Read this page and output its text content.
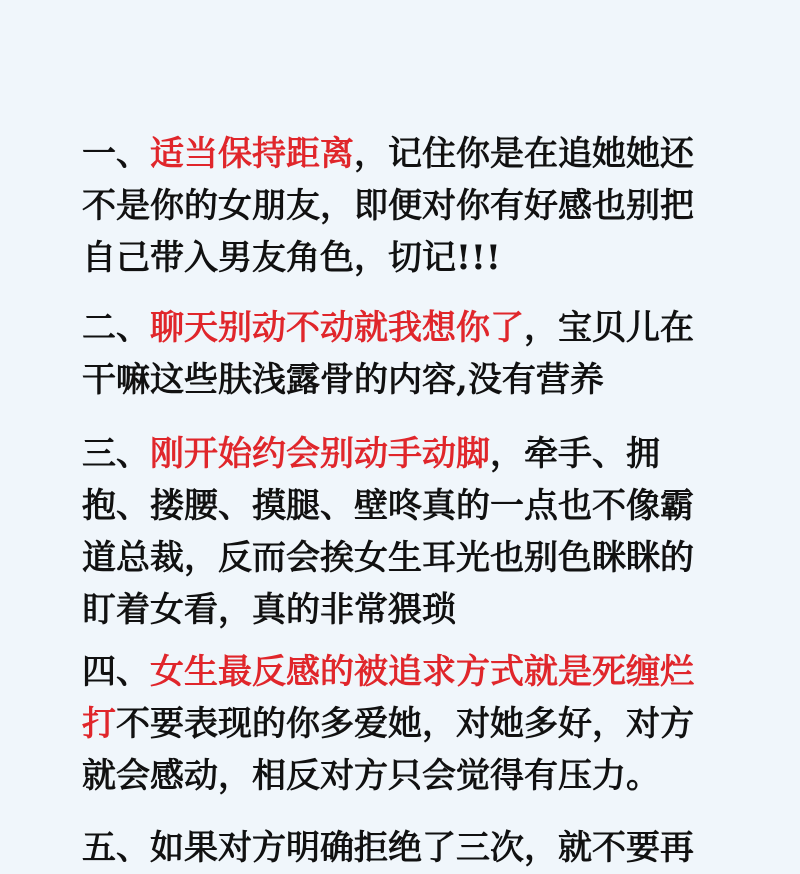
一、适当保持距离，记住你是在追她她还不是你的女朋友，即便对你有好感也别把自己带入男友角色，切记!!!

二、聊天别动不动就我想你了，宝贝儿在干嘛这些肤浅露骨的内容,没有营养

三、刚开始约会别动手动脚，牵手、拥抱、搂腰、摸腿、壁咚真的一点也不像霸道总裁，反而会挨女生耳光也别色眯眯的盯着女看，真的非常猥琐

四、女生最反感的被追求方式就是死缠烂打不要表现的你多爱她，对她多好，对方就会感动，相反对方只会觉得有压力。

五、如果对方明确拒绝了三次，就不要再
